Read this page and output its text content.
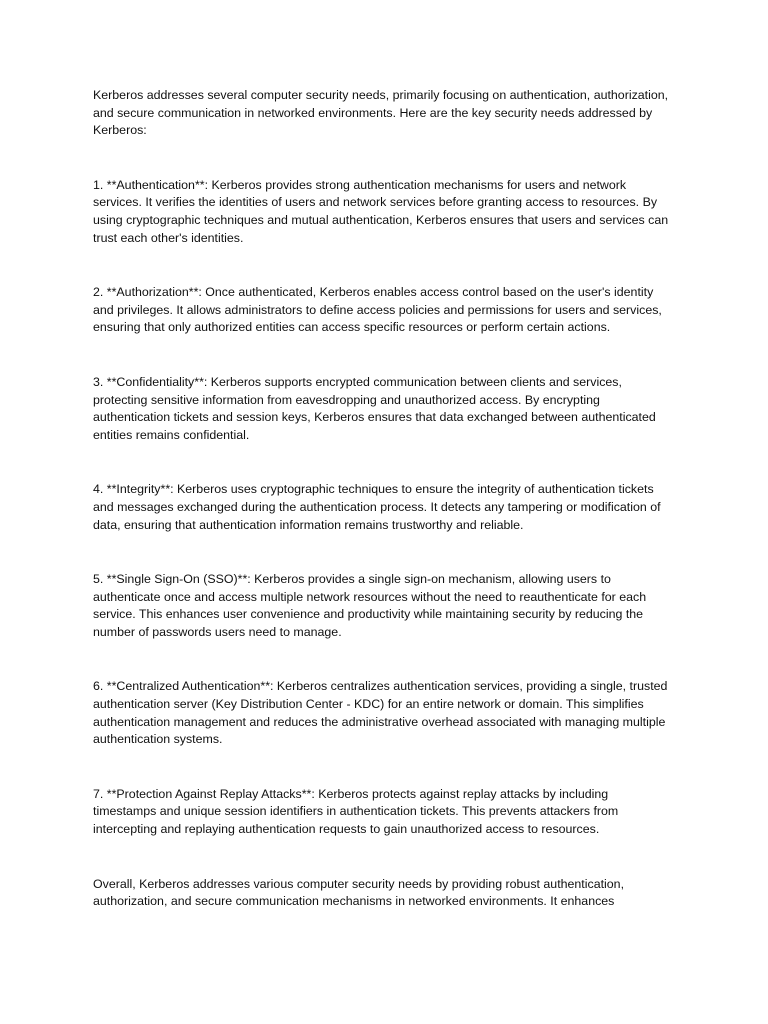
Kerberos addresses several computer security needs, primarily focusing on authentication, authorization, and secure communication in networked environments. Here are the key security needs addressed by Kerberos:

1. **Authentication**: Kerberos provides strong authentication mechanisms for users and network services. It verifies the identities of users and network services before granting access to resources. By using cryptographic techniques and mutual authentication, Kerberos ensures that users and services can trust each other's identities.

2. **Authorization**: Once authenticated, Kerberos enables access control based on the user's identity and privileges. It allows administrators to define access policies and permissions for users and services, ensuring that only authorized entities can access specific resources or perform certain actions.

3. **Confidentiality**: Kerberos supports encrypted communication between clients and services, protecting sensitive information from eavesdropping and unauthorized access. By encrypting authentication tickets and session keys, Kerberos ensures that data exchanged between authenticated entities remains confidential.

4. **Integrity**: Kerberos uses cryptographic techniques to ensure the integrity of authentication tickets and messages exchanged during the authentication process. It detects any tampering or modification of data, ensuring that authentication information remains trustworthy and reliable.

5. **Single Sign-On (SSO)**: Kerberos provides a single sign-on mechanism, allowing users to authenticate once and access multiple network resources without the need to reauthenticate for each service. This enhances user convenience and productivity while maintaining security by reducing the number of passwords users need to manage.

6. **Centralized Authentication**: Kerberos centralizes authentication services, providing a single, trusted authentication server (Key Distribution Center - KDC) for an entire network or domain. This simplifies authentication management and reduces the administrative overhead associated with managing multiple authentication systems.

7. **Protection Against Replay Attacks**: Kerberos protects against replay attacks by including timestamps and unique session identifiers in authentication tickets. This prevents attackers from intercepting and replaying authentication requests to gain unauthorized access to resources.

Overall, Kerberos addresses various computer security needs by providing robust authentication, authorization, and secure communication mechanisms in networked environments. It enhances
